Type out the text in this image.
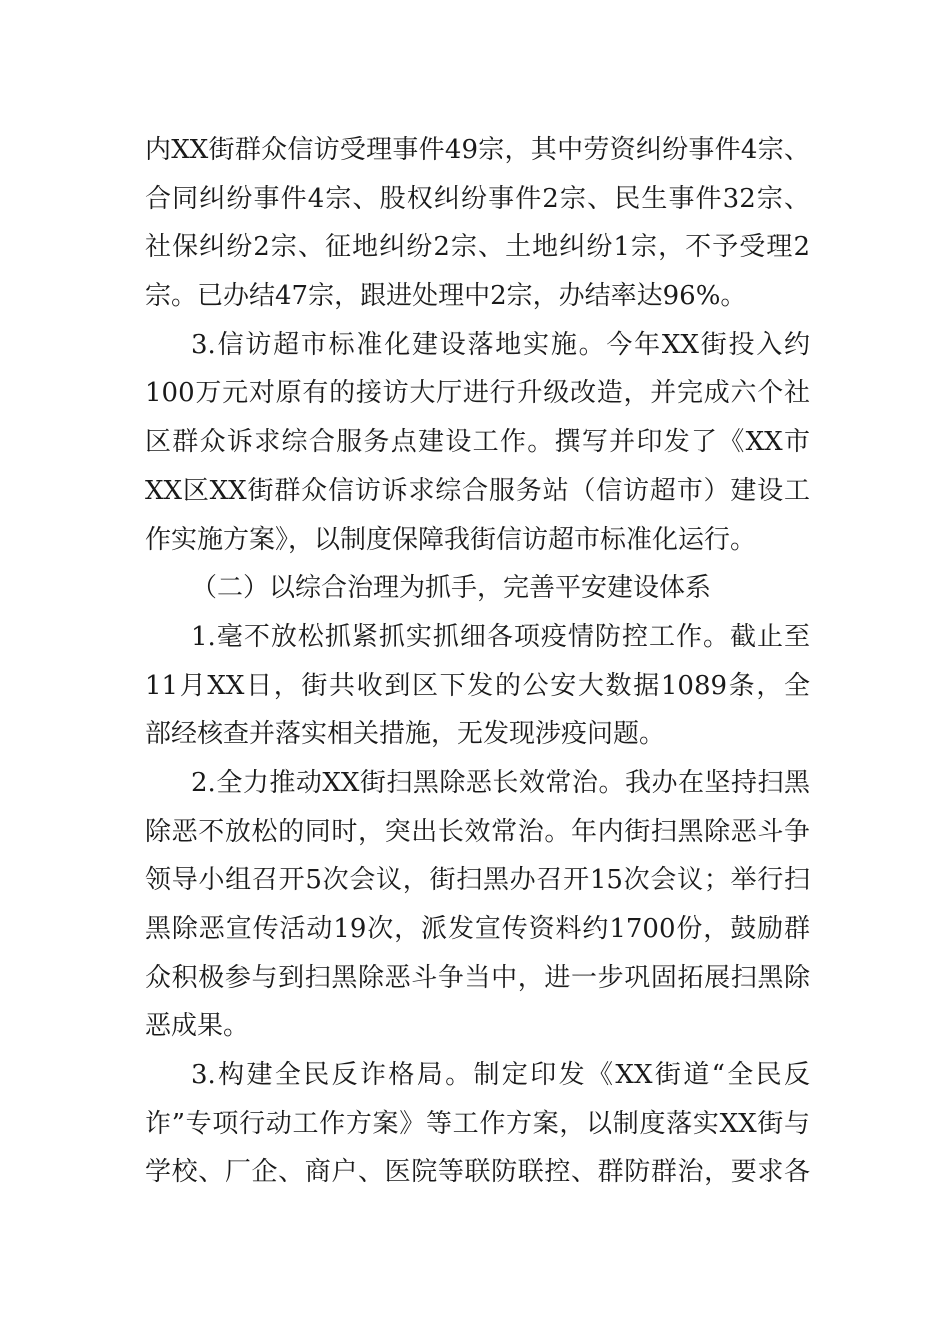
内XX街群众信访受理事件49宗，其中劳资纠纷事件4宗、
合同纠纷事件4宗、股权纠纷事件2宗、民生事件32宗、
社保纠纷2宗、征地纠纷2宗、土地纠纷1宗，不予受理2
宗。已办结47宗，跟进处理中2宗，办结率达96%。
3.信访超市标准化建设落地实施。今年XX街投入约
100万元对原有的接访大厅进行升级改造，并完成六个社
区群众诉求综合服务点建设工作。撰写并印发了《XX市
XX区XX街群众信访诉求综合服务站（信访超市）建设工
作实施方案》，以制度保障我街信访超市标准化运行。
（二）以综合治理为抓手，完善平安建设体系
1.毫不放松抓紧抓实抓细各项疫情防控工作。截止至
11月XX日，街共收到区下发的公安大数据1089条，全
部经核查并落实相关措施，无发现涉疫问题。
2.全力推动XX街扫黑除恶长效常治。我办在坚持扫黑
除恶不放松的同时，突出长效常治。年内街扫黑除恶斗争
领导小组召开5次会议，街扫黑办召开15次会议；举行扫
黑除恶宣传活动19次，派发宣传资料约1700份，鼓励群
众积极参与到扫黑除恶斗争当中，进一步巩固拓展扫黑除
恶成果。
3.构建全民反诈格局。制定印发《XX街道“全民反
诈”专项行动工作方案》等工作方案，以制度落实XX街与
学校、厂企、商户、医院等联防联控、群防群治，要求各
